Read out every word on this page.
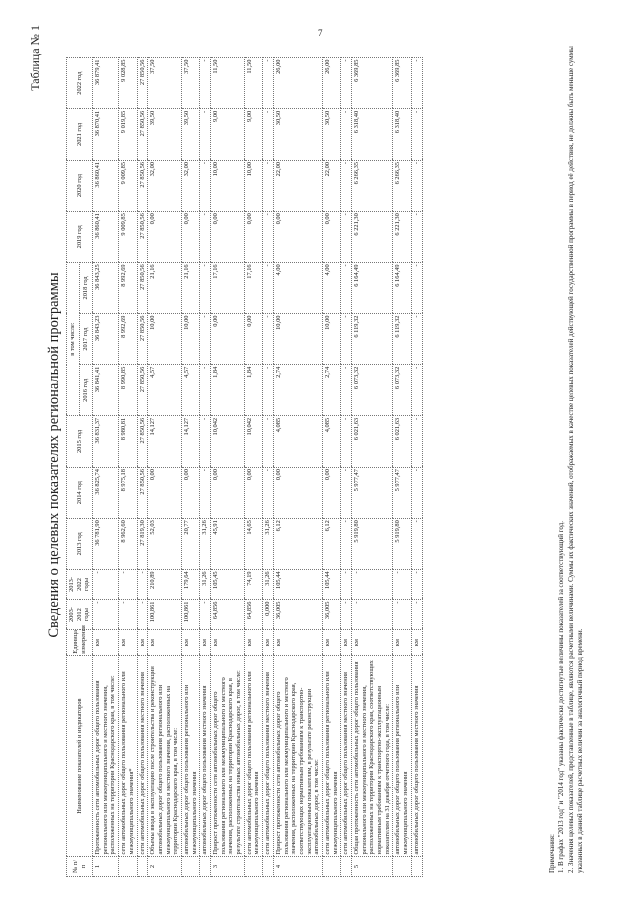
7
Таблица № 1
Сведения о целевых показателях региональной программы
№ п/п	Наименование показателей и индикаторов	Единица измерения	2003-2012 годы	2013-2022 годы	2013 год	2014 год	2015 год	в том числе:			2019 год	2020 год	2021 год	2022 год
								2016 год	2017 год	2018 год				
1	Протяженность сети автомобильных дорог общего пользования регионального или межмуниципального и местного значения, расположенных на территории Краснодарского края, в том числе:	км	-	-	36 781,90	36 825,74	36 831,37	36 841,41	36 843,23	36 843,25	36 860,41	36 860,41	36 870,41	36 879,41
	сети автомобильных дорог общего пользования регионального или межмуниципального значения*	км	-	-	8 962,60	8 975,18	8 980,81	8 990,85	8 992,69	8 992,69	9 009,85	9 009,85	9 019,85	9 028,85
	сети автомобильных дорог общего пользования местного значения	км	-	-	27 819,30	27 850,56	27 850,56	27 850,56	27 850,56	27 850,56	27 850,56	27 850,56	27 850,56	27 850,56
2	Объемы ввода в эксплуатацию после строительства и реконструкции автомобильных дорог общего пользования регионального или межмуниципального и местного значения, расположенных на территории Краснодарского края, в том числе:	км	100,861	210,89	52,03	0,00	14,127	4,57	10,00	21,16	0,00	32,00	39,50	37,50
	автомобильных дорог общего пользования регионального или межмуниципального значения	км	100,861	179,64	20,77	0,00	14,127	4,57	10,00	21,16	0,00	32,00	39,50	37,50
	автомобильных дорог общего пользования местного значения	км	-	31,26	31,26	-	-	-	-	-	-	-	-	-
3	Прирост протяженности сети автомобильных дорог общего пользования регионального или межмуниципального и местного значения, расположенных на территории Краснодарского края, в результате строительства новых автомобильных дорог, в том числе:	км	64,856	105,45	45,91	0,00	10,042	1,84	0,00	17,16	0,00	10,00	9,00	11,50
	сети автомобильных дорог общего пользования регионального или межмуниципального значения	км	64,856	74,19	14,65	0,00	10,042	1,84	0,00	17,16	0,00	10,00	9,00	11,50
	сети автомобильных дорог общего пользования местного значения	км	0,000	31,26	31,26	-	-	-	-	-	-	-	-	-
4	Прирост протяженности сети автомобильных дорог общего пользования регионального или межмуниципального и местного значения, расположенных на территории Краснодарского края, соответствующих нормативным требованиям к транспортно-эксплуатационным показателям, в результате реконструкции автомобильных дорог, в том числе:	км	36,005	105,44	6,12	0,00	4,085	2,74	10,00	4,00	0,00	22,00	30,50	26,00
	сети автомобильных дорог общего пользования регионального или межмуниципального значения	км	36,005	105,44	6,12	0,00	4,085	2,74	10,00	4,00	0,00	22,00	30,50	26,00
	сети автомобильных дорог общего пользования местного значения	км	-	-	-	-	-	-	-	-	-	-	-	-
5	Общая протяженность сети автомобильных дорог общего пользования регионального или межмуниципального и местного значения, расположенных на территории Краснодарского края, соответствующих нормативным требованиям к транспортно-эксплуатационным показателям на 31 декабря отчетного года, в том числе:	км	-	-	5 919,80	5 977,47	6 021,63	6 073,32	6 119,32	6 164,49	6 221,30	6 266,35	6 318,40	6 369,85
	автомобильных дорог общего пользования регионального или межмуниципального значения	км	-	-	5 919,80	5 977,47	6 021,63	6 073,32	6 119,32	6 164,49	6 221,30	6 266,35	6 318,40	6 369,85
	автомобильных дорог общего пользования местного значения	км	-	-	-	-	-	-	-	-	-	-	-	-

Примечания: 1. В графах "2013 год" и "2014 год" указаны фактически достигнутые величины показателей за соответствующий год. 2. Значения целевых показателей, представленные в таблице, являются расчетными величинами. Суммы их фактических значений, отображаемых в качестве целевых показателей действующей государственной программы в период её действия, не должны быть меньше суммы указанных в данной таблице расчетных величин за аналогичный период времени.
